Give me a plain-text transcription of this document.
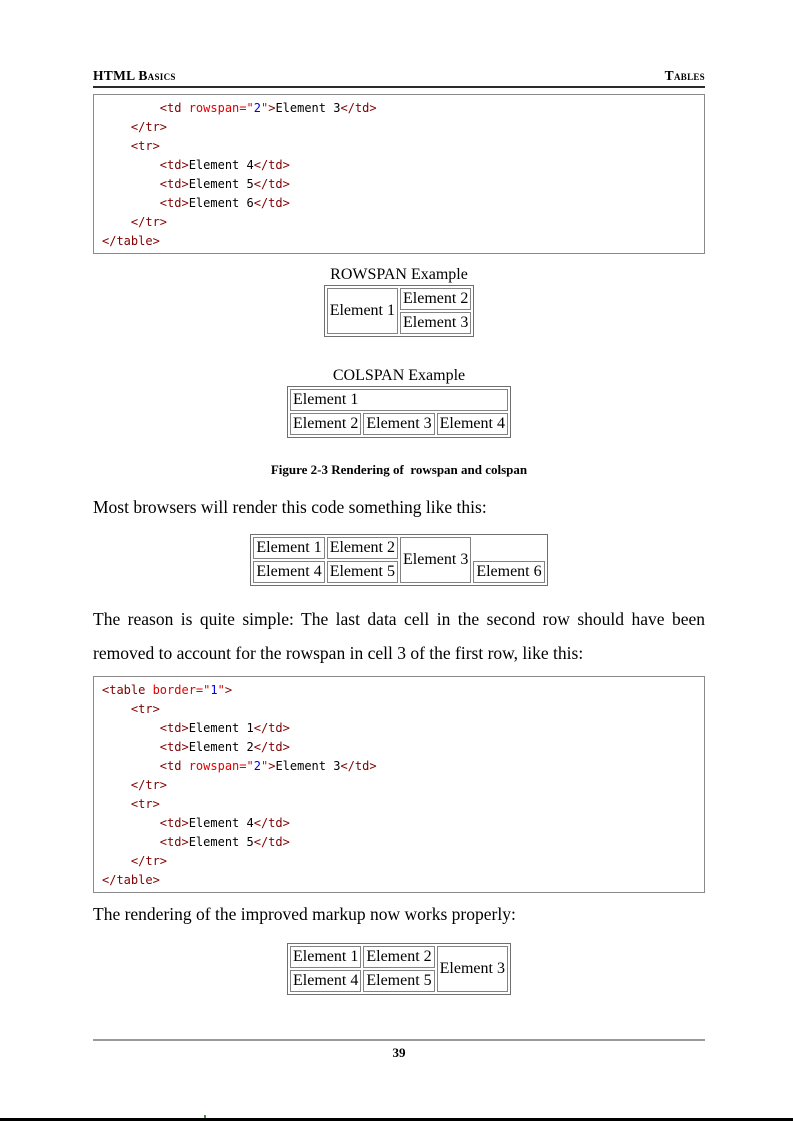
HTML Basics	Tables
<td rowspan="2">Element 3</td>
</tr>
<tr>
<td>Element 4</td>
<td>Element 5</td>
<td>Element 6</td>
</tr>
</table>
ROWSPAN Example
Element 1	Element 2
Element 3
COLSPAN Example
Element 1
Element 2	Element 3	Element 4
Figure 2-3 Rendering of  rowspan and colspan
Most browsers will render this code something like this:
Element 1	Element 2	Element 3	
Element 4	Element 5		Element 6
The reason is quite simple: The last data cell in the second row should have been
removed to account for the rowspan in cell 3 of the first row, like this:
<table border="1">
<tr>
<td>Element 1</td>
<td>Element 2</td>
<td rowspan="2">Element 3</td>
</tr>
<tr>
<td>Element 4</td>
<td>Element 5</td>
</tr>
</table>
The rendering of the improved markup now works properly:
Element 1	Element 2	Element 3
Element 4	Element 5	
39
